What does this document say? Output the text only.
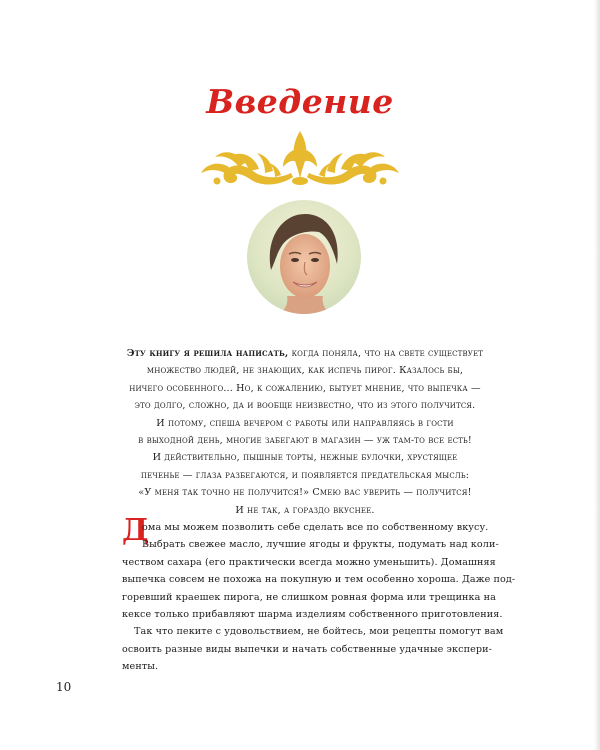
Введение
Эту книгу я решила написать, когда поняла, что на свете существует
множество людей, не знающих, как испечь пирог. Казалось бы,
ничего особенного... Но, к сожалению, бытует мнение, что выпечка —
это долго, сложно, да и вообще неизвестно, что из этого получится.
И потому, спеша вечером с работы или направляясь в гости
в выходной день, многие забегают в магазин — уж там-то все есть!
И действительно, пышные торты, нежные булочки, хрустящее
печенье — глаза разбегаются, и появляется предательская мысль:
«У меня так точно не получится!» Смею вас уверить — получится!
И не так, а гораздо вкуснее.
Д
ома мы можем позволить себе сделать все по собственному вкусу.
Выбрать свежее масло, лучшие ягоды и фрукты, подумать над коли-
чеством сахара (его практически всегда можно уменьшить). Домашняя
выпечка совсем не похожа на покупную и тем особенно хороша. Даже под-
горевший краешек пирога, не слишком ровная форма или трещинка на
кексе только прибавляют шарма изделиям собственного приготовления.
Так что пеките с удовольствием, не бойтесь, мои рецепты помогут вам
освоить разные виды выпечки и начать собственные удачные экспери-
менты.
10
